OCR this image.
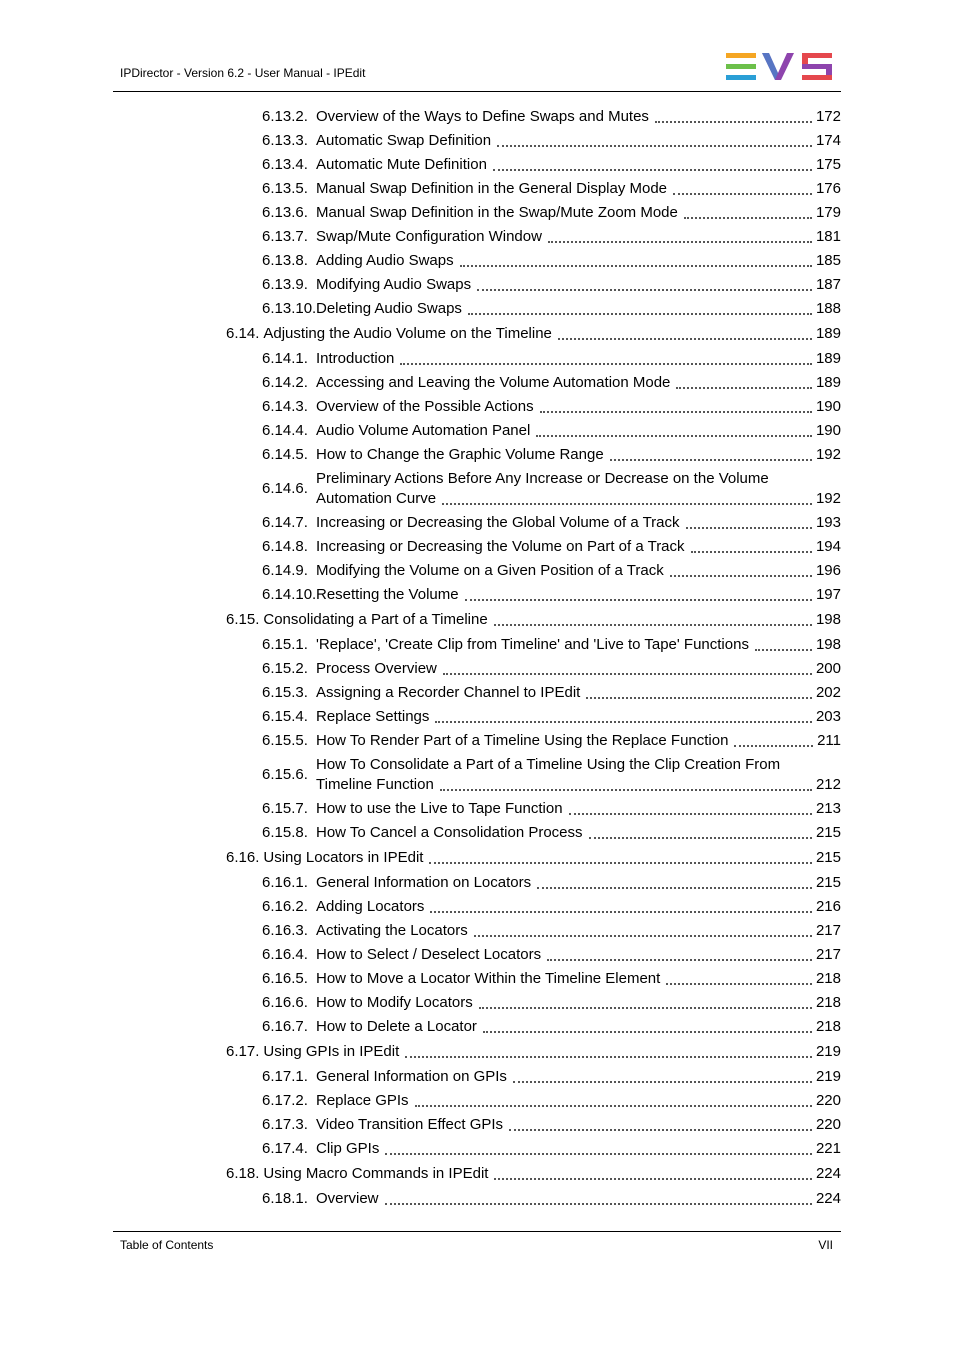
IPDirector - Version 6.2 - User Manual - IPEdit
6.13.2. Overview of the Ways to Define Swaps and Mutes	172
6.13.3. Automatic Swap Definition	174
6.13.4. Automatic Mute Definition	175
6.13.5. Manual Swap Definition in the General Display Mode	176
6.13.6. Manual Swap Definition in the Swap/Mute Zoom Mode	179
6.13.7. Swap/Mute Configuration Window	181
6.13.8. Adding Audio Swaps	185
6.13.9. Modifying Audio Swaps	187
6.13.10. Deleting Audio Swaps	188
6.14. Adjusting the Audio Volume on the Timeline	189
6.14.1. Introduction	189
6.14.2. Accessing and Leaving the Volume Automation Mode	189
6.14.3. Overview of the Possible Actions	190
6.14.4. Audio Volume Automation Panel	190
6.14.5. How to Change the Graphic Volume Range	192
6.14.6.
Preliminary Actions Before Any Increase or Decrease on the Volume
Automation Curve	192
6.14.7. Increasing or Decreasing the Global Volume of a Track	193
6.14.8. Increasing or Decreasing the Volume on Part of a Track	194
6.14.9. Modifying the Volume on a Given Position of a Track	196
6.14.10. Resetting the Volume	197
6.15. Consolidating a Part of a Timeline	198
6.15.1. 'Replace', 'Create Clip from Timeline' and 'Live to Tape' Functions	198
6.15.2. Process Overview	200
6.15.3. Assigning a Recorder Channel to IPEdit	202
6.15.4. Replace Settings	203
6.15.5. How To Render Part of a Timeline Using the Replace Function	211
6.15.6.
How To Consolidate a Part of a Timeline Using the Clip Creation From
Timeline Function	212
6.15.7. How to use the Live to Tape Function	213
6.15.8. How To Cancel a Consolidation Process	215
6.16. Using Locators in IPEdit	215
6.16.1. General Information on Locators	215
6.16.2. Adding Locators	216
6.16.3. Activating the Locators	217
6.16.4. How to Select / Deselect Locators	217
6.16.5. How to Move a Locator Within the Timeline Element	218
6.16.6. How to Modify Locators	218
6.16.7. How to Delete a Locator	218
6.17. Using GPIs in IPEdit	219
6.17.1. General Information on GPIs	219
6.17.2. Replace GPIs	220
6.17.3. Video Transition Effect GPIs	220
6.17.4. Clip GPIs	221
6.18. Using Macro Commands in IPEdit	224
6.18.1. Overview	224
Table of Contents	VII
